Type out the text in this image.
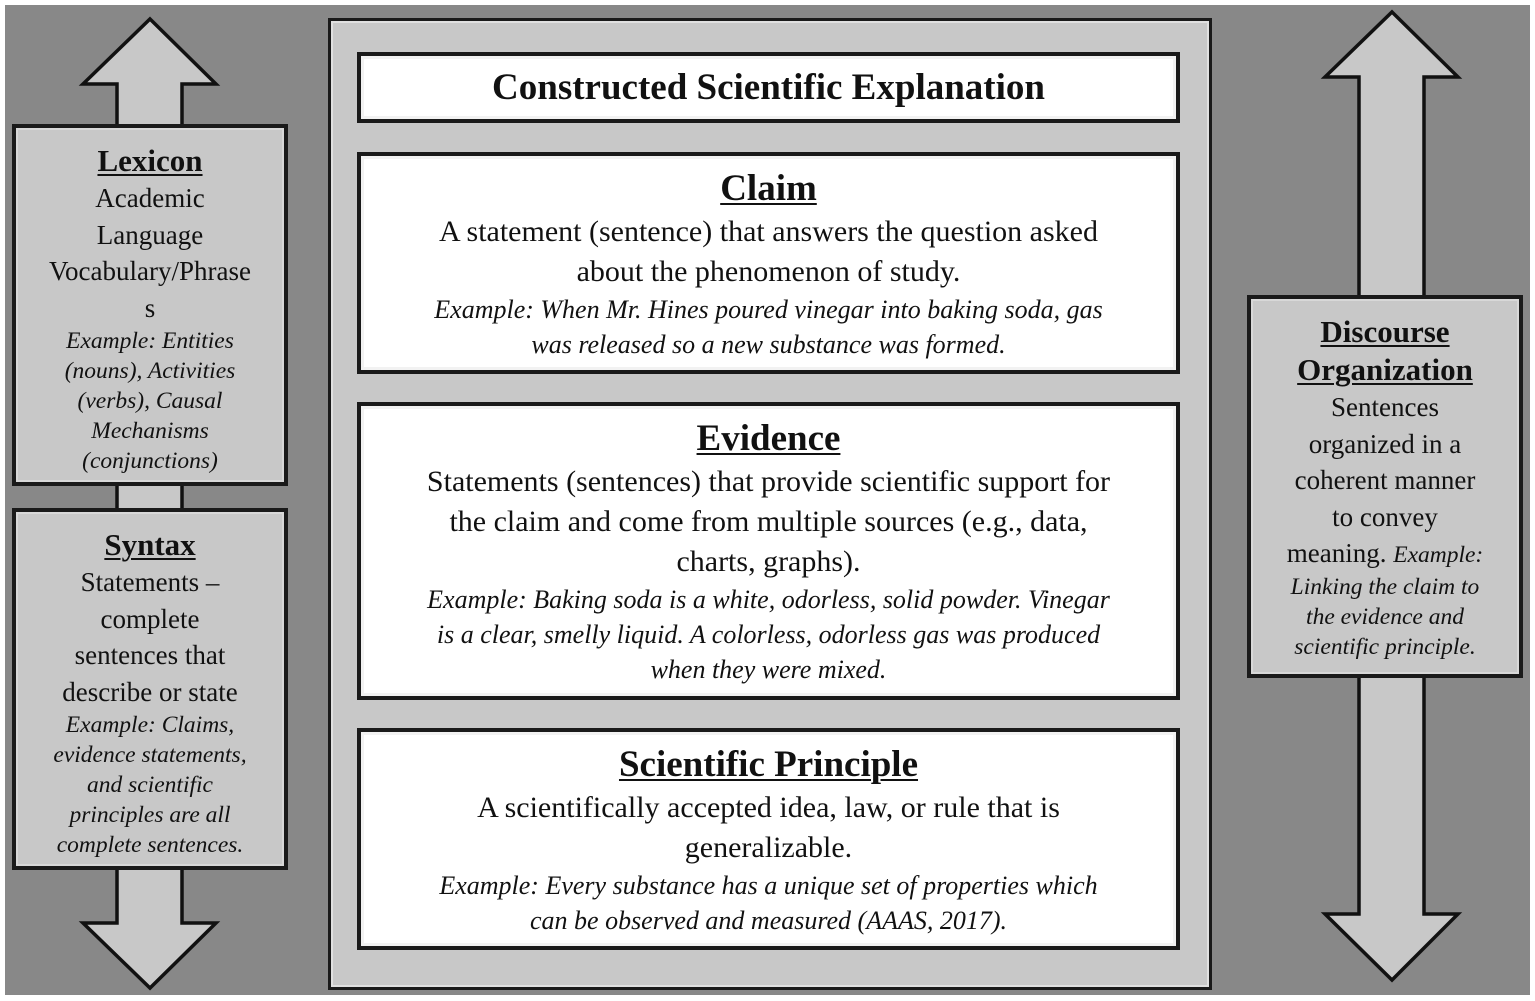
Lexicon
Academic
Language
Vocabulary/Phrase
s
Example: Entities
(nouns), Activities
(verbs), Causal
Mechanisms
(conjunctions)
Syntax
Statements –
complete
sentences that
describe or state
Example: Claims,
evidence statements,
and scientific
principles are all
complete sentences.
Constructed Scientific Explanation
Claim
A statement (sentence) that answers the question asked
about the phenomenon of study.
Example: When Mr. Hines poured vinegar into baking soda, gas
was released so a new substance was formed.
Evidence
Statements (sentences) that provide scientific support for
the claim and come from multiple sources (e.g., data,
charts, graphs).
Example: Baking soda is a white, odorless, solid powder. Vinegar
is a clear, smelly liquid. A colorless, odorless gas was produced
when they were mixed.
Scientific Principle
A scientifically accepted idea, law, or rule that is
generalizable.
Example: Every substance has a unique set of properties which
can be observed and measured (AAAS, 2017).
Discourse
Organization
Sentences
organized in a
coherent manner
to convey
meaning. Example:
Linking the claim to
the evidence and
scientific principle.
